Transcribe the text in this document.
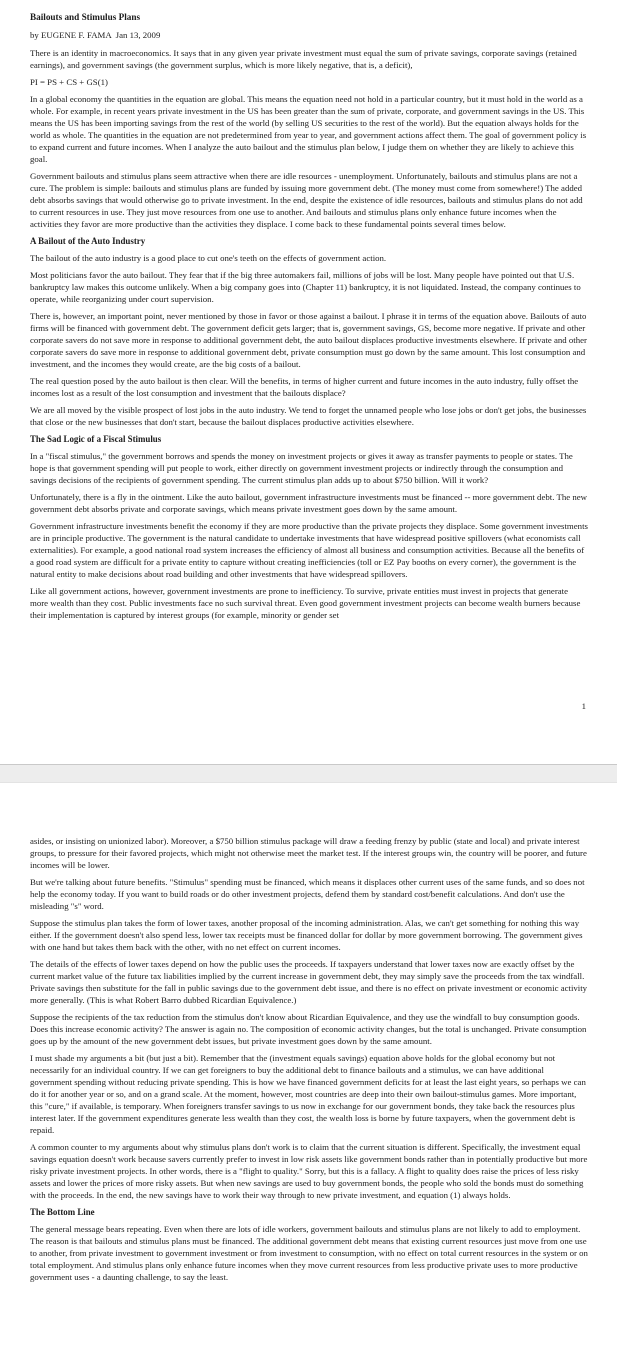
Bailouts and Stimulus Plans

by EUGENE F. FAMA  Jan 13, 2009

There is an identity in macroeconomics. It says that in any given year private investment must equal the sum of private savings, corporate savings (retained earnings), and government savings (the government surplus, which is more likely negative, that is, a deficit),

PI = PS + CS + GS(1)

In a global economy the quantities in the equation are global. This means the equation need not hold in a particular country, but it must hold in the world as a whole. For example, in recent years private investment in the US has been greater than the sum of private, corporate, and government savings in the US. This means the US has been importing savings from the rest of the world (by selling US securities to the rest of the world). But the equation always holds for the world as whole. The quantities in the equation are not predetermined from year to year, and government actions affect them. The goal of government policy is to expand current and future incomes. When I analyze the auto bailout and the stimulus plan below, I judge them on whether they are likely to achieve this goal.

Government bailouts and stimulus plans seem attractive when there are idle resources - unemployment. Unfortunately, bailouts and stimulus plans are not a cure. The problem is simple: bailouts and stimulus plans are funded by issuing more government debt. (The money must come from somewhere!) The added debt absorbs savings that would otherwise go to private investment. In the end, despite the existence of idle resources, bailouts and stimulus plans do not add to current resources in use. They just move resources from one use to another. And bailouts and stimulus plans only enhance future incomes when the activities they favor are more productive than the activities they displace. I come back to these fundamental points several times below.

A Bailout of the Auto Industry

The bailout of the auto industry is a good place to cut one's teeth on the effects of government action.

Most politicians favor the auto bailout. They fear that if the big three automakers fail, millions of jobs will be lost. Many people have pointed out that U.S. bankruptcy law makes this outcome unlikely. When a big company goes into (Chapter 11) bankruptcy, it is not liquidated. Instead, the company continues to operate, while reorganizing under court supervision.

There is, however, an important point, never mentioned by those in favor or those against a bailout. I phrase it in terms of the equation above. Bailouts of auto firms will be financed with government debt. The government deficit gets larger; that is, government savings, GS, become more negative. If private and other corporate savers do not save more in response to additional government debt, the auto bailout displaces productive investments elsewhere. If private and other corporate savers do save more in response to additional government debt, private consumption must go down by the same amount. This lost consumption and investment, and the incomes they would create, are the big costs of a bailout.

The real question posed by the auto bailout is then clear. Will the benefits, in terms of higher current and future incomes in the auto industry, fully offset the incomes lost as a result of the lost consumption and investment that the bailouts displace?

We are all moved by the visible prospect of lost jobs in the auto industry. We tend to forget the unnamed people who lose jobs or don't get jobs, the businesses that close or the new businesses that don't start, because the bailout displaces productive activities elsewhere.

The Sad Logic of a Fiscal Stimulus

In a "fiscal stimulus," the government borrows and spends the money on investment projects or gives it away as transfer payments to people or states. The hope is that government spending will put people to work, either directly on government investment projects or indirectly through the consumption and savings decisions of the recipients of government spending. The current stimulus plan adds up to about $750 billion. Will it work?

Unfortunately, there is a fly in the ointment. Like the auto bailout, government infrastructure investments must be financed -- more government debt. The new government debt absorbs private and corporate savings, which means private investment goes down by the same amount.

Government infrastructure investments benefit the economy if they are more productive than the private projects they displace. Some government investments are in principle productive. The government is the natural candidate to undertake investments that have widespread positive spillovers (what economists call externalities). For example, a good national road system increases the efficiency of almost all business and consumption activities. Because all the benefits of a good road system are difficult for a private entity to capture without creating inefficiencies (toll or EZ Pay booths on every corner), the government is the natural entity to make decisions about road building and other investments that have widespread spillovers.

Like all government actions, however, government investments are prone to inefficiency. To survive, private entities must invest in projects that generate more wealth than they cost. Public investments face no such survival threat. Even good government investment projects can become wealth burners because their implementation is captured by interest groups (for example, minority or gender set

1

asides, or insisting on unionized labor). Moreover, a $750 billion stimulus package will draw a feeding frenzy by public (state and local) and private interest groups, to pressure for their favored projects, which might not otherwise meet the market test. If the interest groups win, the country will be poorer, and future incomes will be lower.

But we're talking about future benefits. "Stimulus" spending must be financed, which means it displaces other current uses of the same funds, and so does not help the economy today. If you want to build roads or do other investment projects, defend them by standard cost/benefit calculations. And don't use the misleading "s" word.

Suppose the stimulus plan takes the form of lower taxes, another proposal of the incoming administration. Alas, we can't get something for nothing this way either. If the government doesn't also spend less, lower tax receipts must be financed dollar for dollar by more government borrowing. The government gives with one hand but takes them back with the other, with no net effect on current incomes.

The details of the effects of lower taxes depend on how the public uses the proceeds. If taxpayers understand that lower taxes now are exactly offset by the current market value of the future tax liabilities implied by the current increase in government debt, they may simply save the proceeds from the tax windfall. Private savings then substitute for the fall in public savings due to the government debt issue, and there is no effect on private investment or economic activity more generally. (This is what Robert Barro dubbed Ricardian Equivalence.)

Suppose the recipients of the tax reduction from the stimulus don't know about Ricardian Equivalence, and they use the windfall to buy consumption goods. Does this increase economic activity? The answer is again no. The composition of economic activity changes, but the total is unchanged. Private consumption goes up by the amount of the new government debt issues, but private investment goes down by the same amount.

I must shade my arguments a bit (but just a bit). Remember that the (investment equals savings) equation above holds for the global economy but not necessarily for an individual country. If we can get foreigners to buy the additional debt to finance bailouts and a stimulus, we can have additional government spending without reducing private spending. This is how we have financed government deficits for at least the last eight years, so perhaps we can do it for another year or so, and on a grand scale. At the moment, however, most countries are deep into their own bailout-stimulus games. More important, this "cure," if available, is temporary. When foreigners transfer savings to us now in exchange for our government bonds, they take back the resources plus interest later. If the government expenditures generate less wealth than they cost, the wealth loss is borne by future taxpayers, when the government debt is repaid.

A common counter to my arguments about why stimulus plans don't work is to claim that the current situation is different. Specifically, the investment equal savings equation doesn't work because savers currently prefer to invest in low risk assets like government bonds rather than in potentially productive but more risky private investment projects. In other words, there is a "flight to quality." Sorry, but this is a fallacy. A flight to quality does raise the prices of less risky assets and lower the prices of more risky assets. But when new savings are used to buy government bonds, the people who sold the bonds must do something with the proceeds. In the end, the new savings have to work their way through to new private investment, and equation (1) always holds.

The Bottom Line

The general message bears repeating. Even when there are lots of idle workers, government bailouts and stimulus plans are not likely to add to employment. The reason is that bailouts and stimulus plans must be financed. The additional government debt means that existing current resources just move from one use to another, from private investment to government investment or from investment to consumption, with no effect on total current resources in the system or on total employment. And stimulus plans only enhance future incomes when they move current resources from less productive private uses to more productive government uses - a daunting challenge, to say the least.
